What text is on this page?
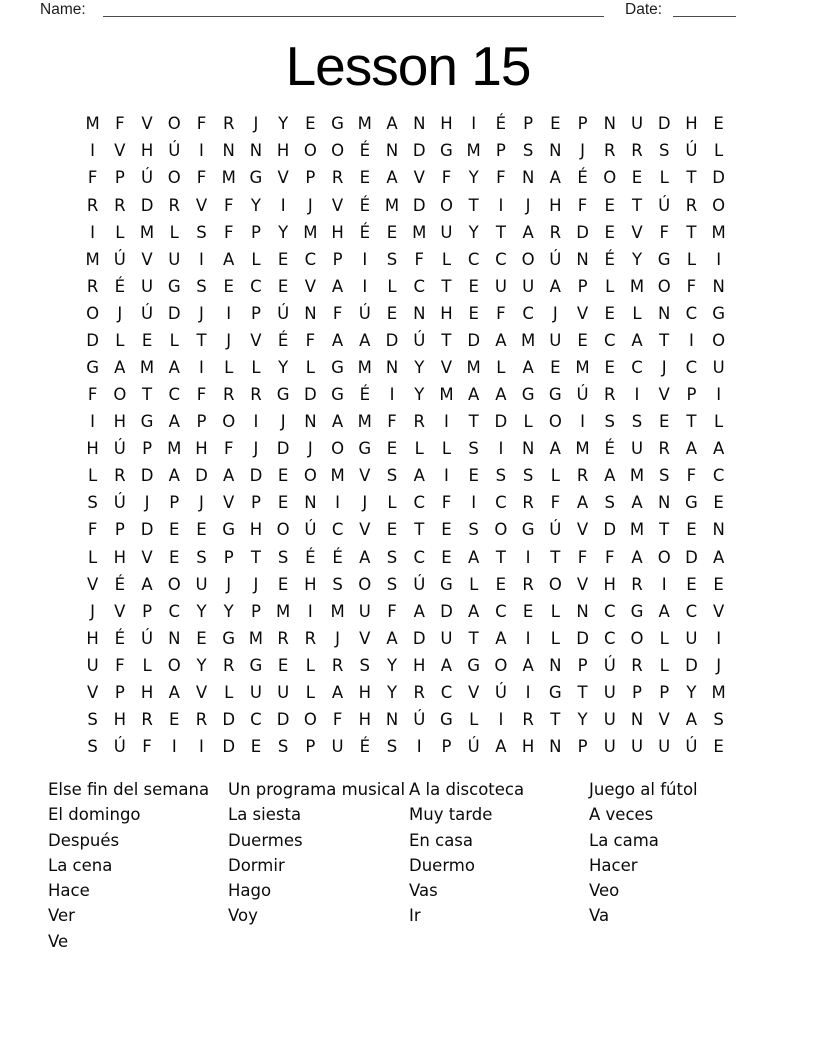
Name:	Date:
Lesson 15
M F	V O F	R	J	Y	E G M A N H	I	É	P	E	P N U D H E
I	V H Ú	I	N N H O O É N D G M P	S N	J	R R S Ú	L
F	P Ú O F M G V	P	R E A V	F	Y	F N A É O E	L	T D
R R D R V	F	Y	I	J	V É M D O T	I	J	H F	E	T Ú R O
I	L M L	S	F	P	Y M H É	E M U Y	T	A R D E V	F	T M
M Ú V U	I	A	L	E C P	I	S	F	L	C C O Ú N É	Y G L	I
R É U G S	E C E V A	I	L	C T	E U U A	P	L M O F N
O	J	Ú D	J	I	P Ú N F Ú E N H E	F	C	J	V E	L N C G
D L	E	L	T	J	V É	F	A A D Ú T D A M U E C A	T	I	O
G A M A	I	L	L	Y	L G M N Y	V M L	A E M E C	J	C U
F O T C	F	R R G D G É	I	Y M A A G G Ú R	I	V	P	I
I	H G A	P O	I	J	N A M F	R	I	T D L O	I	S	S	E	T	L
H Ú P M H F	J	D	J	O G E	L	L	S	I	N A M É U R A A
L	R D A D A D E O M V S A	I	E	S	S	L	R A M S	F	C
S Ú	J	P	J	V	P	E N	I	J	L	C	F	I	C R	F	A S A N G E
F	P D E	E G H O Ú C V E	T	E	S O G Ú V D M T	E N
L H V E	S	P	T	S	É	É A S C E A	T	I	T	F	F	A O D A
V É A O U	J	J	E H S O S Ú G L	E R O V H R	I	E	E
J	V	P C Y	Y	P M	I	M U F	A D A C E	L N C G A C V
H É Ú N E G M R R	J	V A D U T	A	I	L D C O L	U	I
U F	L O Y R G E	L	R S	Y H A G O A N P Ú R	L D	J
V	P H A V	L	U U	L	A H Y R C V Ú	I	G T U P	P	Y M
S H R E R D C D O F H N Ú G L	I	R T	Y U N V A S
S Ú F	I	I	D E	S	P U É	S	I	P Ú A H N P U U U Ú E
Else fin del semana
El domingo
Después
La cena
Hace
Ver
Ve
Un programa musical
La siesta
Duermes
Dormir
Hago
Voy
A la discoteca
Muy tarde
En casa
Duermo
Vas
Ir
Juego al fútol
A veces
La cama
Hacer
Veo
Va
